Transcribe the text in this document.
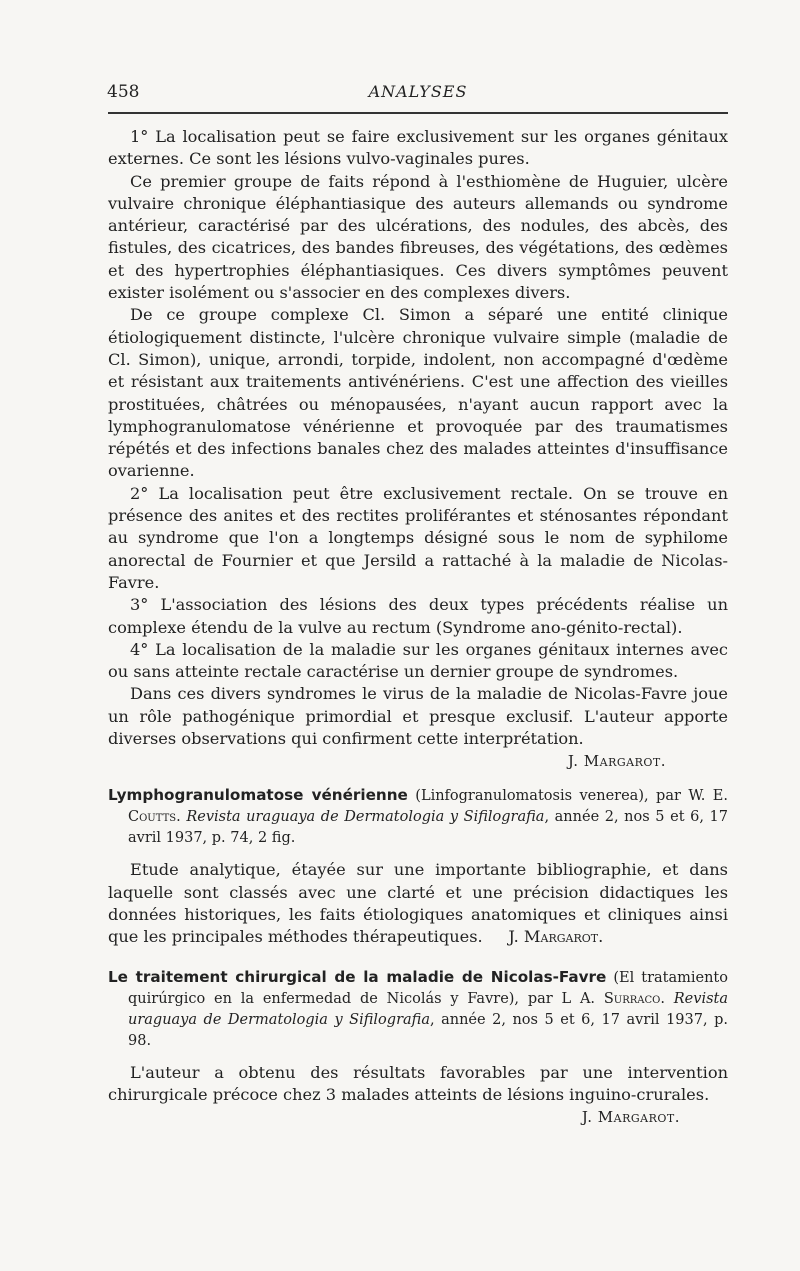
458	ANALYSES

1° La localisation peut se faire exclusivement sur les organes génitaux externes. Ce sont les lésions vulvo-vaginales pures.

Ce premier groupe de faits répond à l'esthiomène de Huguier, ulcère vulvaire chronique éléphantiasique des auteurs allemands ou syndrome antérieur, caractérisé par des ulcérations, des nodules, des abcès, des fistules, des cicatrices, des bandes fibreuses, des végétations, des œdèmes et des hypertrophies éléphantiasiques. Ces divers symptômes peuvent exister isolément ou s'associer en des complexes divers.

De ce groupe complexe Cl. Simon a séparé une entité clinique étiologiquement distincte, l'ulcère chronique vulvaire simple (maladie de Cl. Simon), unique, arrondi, torpide, indolent, non accompagné d'œdème et résistant aux traitements antivénériens. C'est une affection des vieilles prostituées, châtrées ou ménopausées, n'ayant aucun rapport avec la lymphogranulomatose vénérienne et provoquée par des traumatismes répétés et des infections banales chez des malades atteintes d'insuffisance ovarienne.

2° La localisation peut être exclusivement rectale. On se trouve en présence des anites et des rectites proliférantes et sténosantes répondant au syndrome que l'on a longtemps désigné sous le nom de syphilome anorectal de Fournier et que Jersild a rattaché à la maladie de Nicolas-Favre.

3° L'association des lésions des deux types précédents réalise un complexe étendu de la vulve au rectum (Syndrome ano-génito-rectal).

4° La localisation de la maladie sur les organes génitaux internes avec ou sans atteinte rectale caractérise un dernier groupe de syndromes.

Dans ces divers syndromes le virus de la maladie de Nicolas-Favre joue un rôle pathogénique primordial et presque exclusif. L'auteur apporte diverses observations qui confirment cette interprétation.

J. Margarot.

Lymphogranulomatose vénérienne (Linfogranulomatosis venerea), par W. E. Coutts. Revista uraguaya de Dermatologia y Sifilografia, année 2, nos 5 et 6, 17 avril 1937, p. 74, 2 fig.

Etude analytique, étayée sur une importante bibliographie, et dans laquelle sont classés avec une clarté et une précision didactiques les données historiques, les faits étiologiques anatomiques et cliniques ainsi que les principales méthodes thérapeutiques. J. Margarot.

Le traitement chirurgical de la maladie de Nicolas-Favre (El tratamiento quirúrgico en la enfermedad de Nicolás y Favre), par L A. Surraco. Revista uraguaya de Dermatologia y Sifilografia, année 2, nos 5 et 6, 17 avril 1937, p. 98.

L'auteur a obtenu des résultats favorables par une intervention chirurgicale précoce chez 3 malades atteints de lésions inguino-crurales.

J. Margarot.
